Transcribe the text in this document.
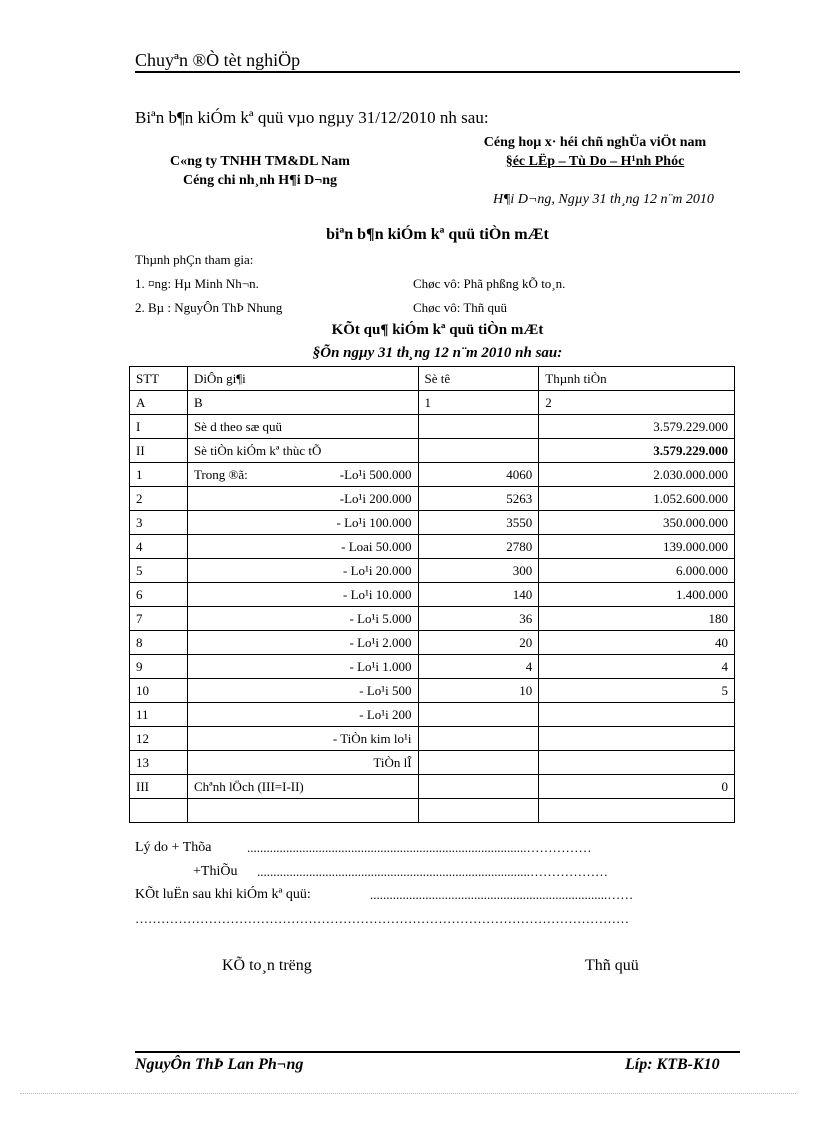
Chuyªn ®Ò tèt nghiÖp
Biªn b¶n kiÓm kª quü vµo ngµy 31/12/2010 nh sau:
Céng hoµ x· héi chñ nghÜa viÖt nam
§éc LËp – Tù Do – H¹nh Phóc
C«ng ty TNHH TM&DL Nam
Céng chi nh¸nh H¶i D¬ng
H¶i D¬ng, Ngµy 31 th¸ng 12 n¨m 2010
biªn b¶n kiÓm kª quü tiÒn mÆt
Thµnh phÇn tham gia:
1. ¤ng: Hµ Minh Nh¬n.	Chøc vô: Phã phßng kÕ to¸n.
2. Bµ : NguyÔn ThÞ Nhung	Chøc vô: Thñ quü
KÕt qu¶ kiÓm kª quü tiÒn mÆt
§Õn ngµy 31 th¸ng 12 n¨m 2010 nh sau:
STT	DiÔn gi¶i	Sè tê	Thµnh tiÒn
A	B	1	2
I	Sè d theo sæ quü		3.579.229.000
II	Sè tiÒn kiÓm kª thùc tÕ		3.579.229.000
1	Trong ®ã: -Lo¹i 500.000	4060	2.030.000.000
2	-Lo¹i 200.000	5263	1.052.600.000
3	- Lo¹i 100.000	3550	350.000.000
4	- Loai 50.000	2780	139.000.000
5	- Lo¹i 20.000	300	6.000.000
6	- Lo¹i 10.000	140	1.400.000
7	- Lo¹i 5.000	36	180
8	- Lo¹i 2.000	20	40
9	- Lo¹i 1.000	4	4
10	- Lo¹i 500	10	5
11	- Lo¹i 200		
12	- TiÒn kim lo¹i		
13	TiÒn lÎ		
III	Chªnh lÖch (III=I-II)		0

Lý do + Thõa	......................................................................................……………
+ThiÕu ....................................................................................………………
KÕt luËn sau khi kiÓm kª quü:	.........................................................................……
……………………………………………………………………………………………………
KÕ to¸n trëng	Thñ quü
NguyÔn ThÞ Lan Ph¬ng	Líp: KTB-K10
